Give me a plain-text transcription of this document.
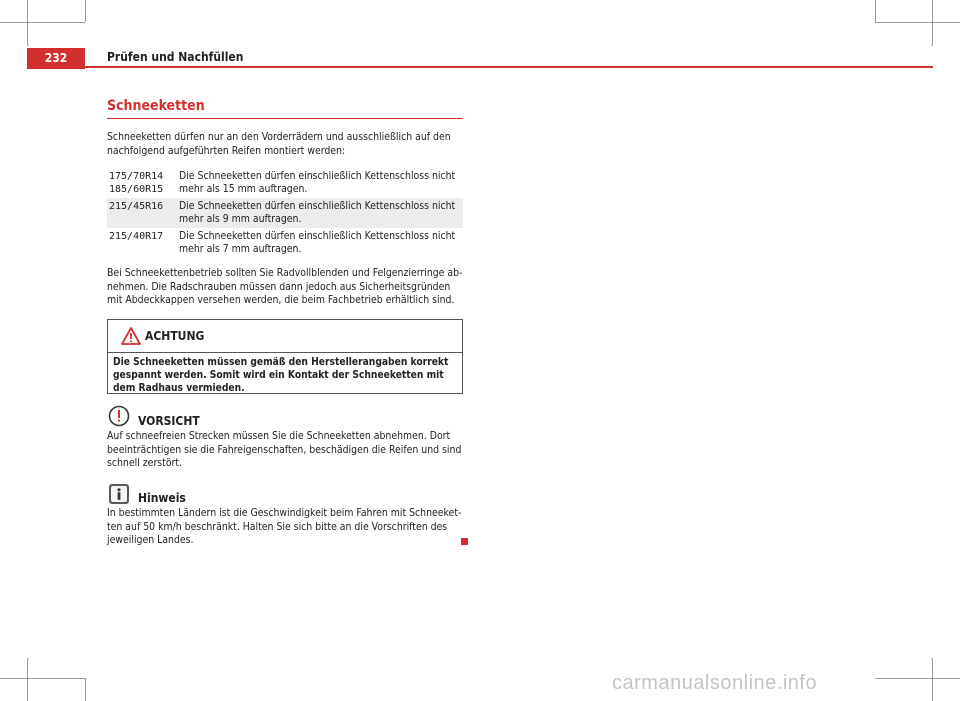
232	Prüfen und Nachfüllen
Schneeketten
Schneeketten dürfen nur an den Vorderrädern und ausschließlich auf den nachfolgend aufgeführten Reifen montiert werden:
175/70R14
185/60R15	Die Schneeketten dürfen einschließlich Kettenschloss nicht mehr als 15 mm auftragen.
215/45R16	Die Schneeketten dürfen einschließlich Kettenschloss nicht mehr als 9 mm auftragen.
215/40R17	Die Schneeketten dürfen einschließlich Kettenschloss nicht mehr als 7 mm auftragen.
Bei Schneekettenbetrieb sollten Sie Radvollblenden und Felgenzierringe abnehmen. Die Radschrauben müssen dann jedoch aus Sicherheitsgründen mit Abdeckkappen versehen werden, die beim Fachbetrieb erhältlich sind.
ACHTUNG
Die Schneeketten müssen gemäß den Herstellerangaben korrekt gespannt werden. Somit wird ein Kontakt der Schneeketten mit dem Radhaus vermieden.
VORSICHT
Auf schneefreien Strecken müssen Sie die Schneeketten abnehmen. Dort beeinträchtigen sie die Fahreigenschaften, beschädigen die Reifen und sind schnell zerstört.
Hinweis
In bestimmten Ländern ist die Geschwindigkeit beim Fahren mit Schneeketten auf 50 km/h beschränkt. Halten Sie sich bitte an die Vorschriften des jeweiligen Landes.
carmanualsonline.info
